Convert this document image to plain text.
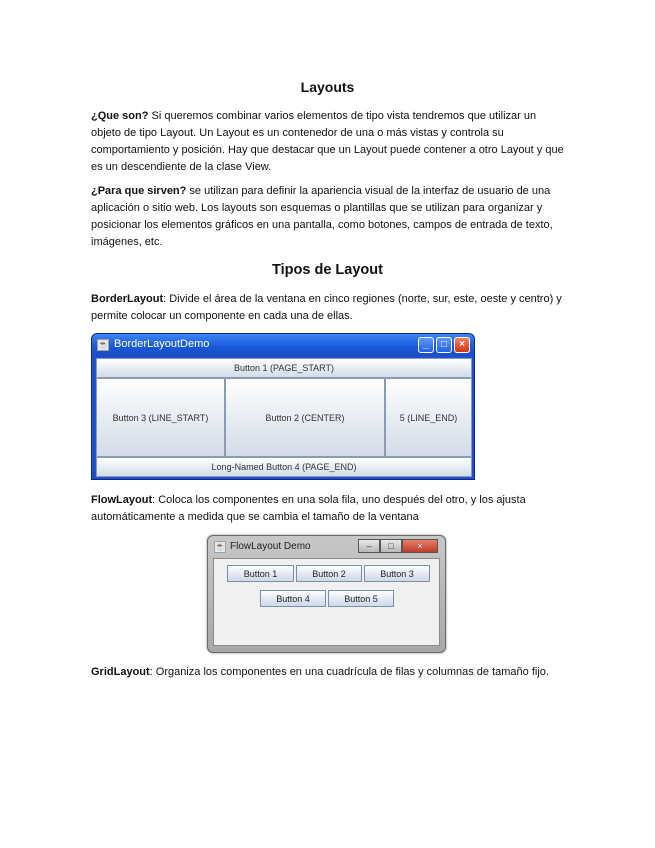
Layouts

¿Que son? Si queremos combinar varios elementos de tipo vista tendremos que utilizar un objeto de tipo Layout. Un Layout es un contenedor de una o más vistas y controla su comportamiento y posición. Hay que destacar que un Layout puede contener a otro Layout y que es un descendiente de la clase View.

¿Para que sirven? se utilizan para definir la apariencia visual de la interfaz de usuario de una aplicación o sitio web. Los layouts son esquemas o plantillas que se utilizan para organizar y posicionar los elementos gráficos en una pantalla, como botones, campos de entrada de texto, imágenes, etc.

Tipos de Layout

BorderLayout: Divide el área de la ventana en cinco regiones (norte, sur, este, oeste y centro) y permite colocar un componente en cada una de ellas.

☕ BorderLayoutDemo	_	□	×
Button 1 (PAGE_START)
Button 3 (LINE_START)	Button 2 (CENTER)	5 (LINE_END)
Long-Named Button 4 (PAGE_END)

FlowLayout: Coloca los componentes en una sola fila, uno después del otro, y los ajusta automáticamente a medida que se cambia el tamaño de la ventana

☕ FlowLayout Demo	–	□	×
Button 1	Button 2	Button 3
Button 4	Button 5

GridLayout: Organiza los componentes en una cuadrícula de filas y columnas de tamaño fijo.
